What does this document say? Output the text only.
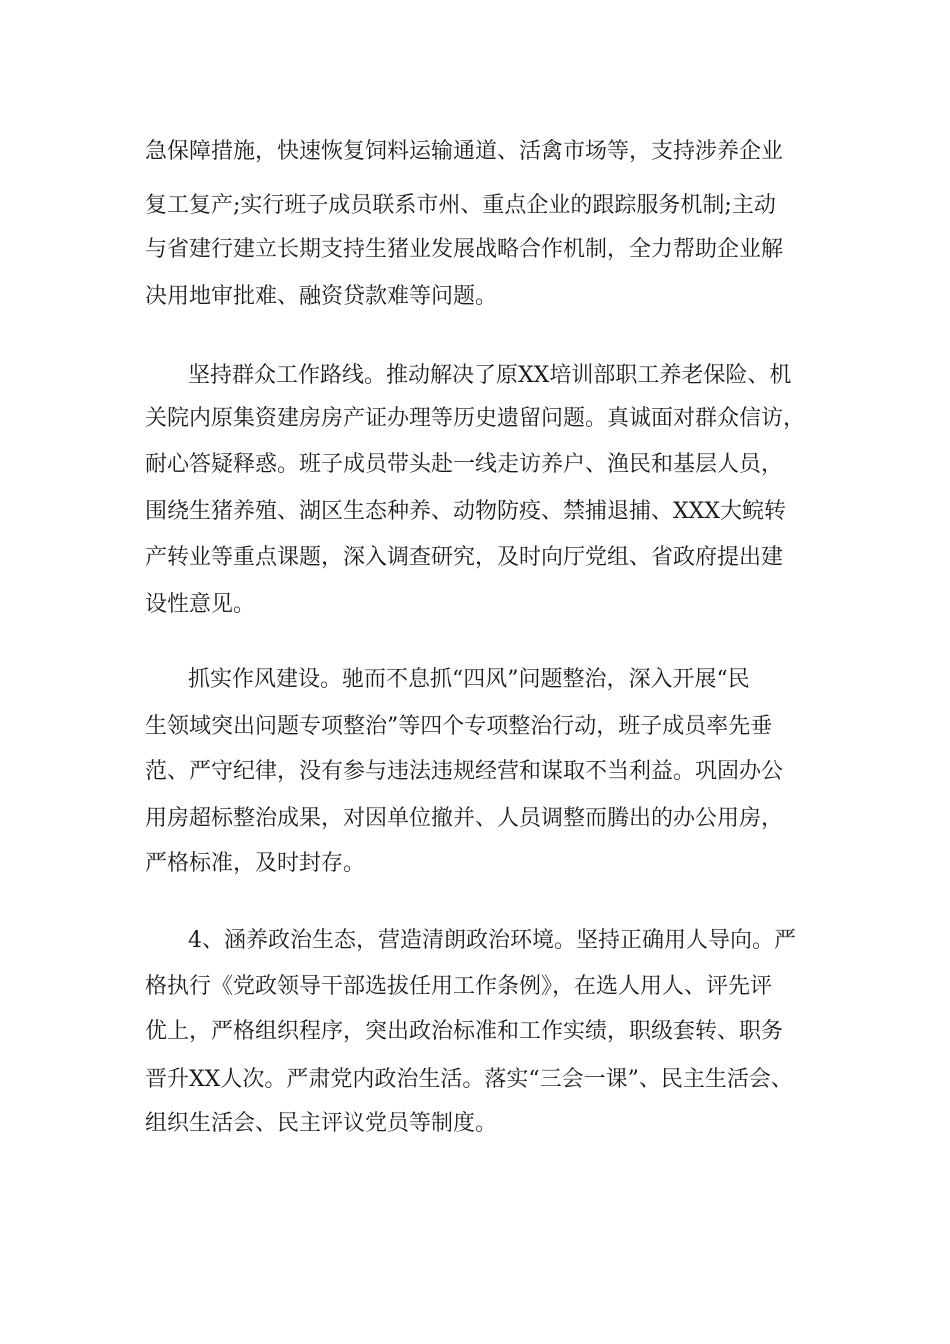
急保障措施，快速恢复饲料运输通道、活禽市场等，支持涉养企业

复工复产;实行班子成员联系市州、重点企业的跟踪服务机制;主动

与省建行建立长期支持生猪业发展战略合作机制，全力帮助企业解

决用地审批难、融资贷款难等问题。

坚持群众工作路线。推动解决了原XX培训部职工养老保险、机

关院内原集资建房房产证办理等历史遗留问题。真诚面对群众信访，

耐心答疑释惑。班子成员带头赴一线走访养户、渔民和基层人员，

围绕生猪养殖、湖区生态种养、动物防疫、禁捕退捕、XXX大鲩转

产转业等重点课题，深入调查研究，及时向厅党组、省政府提出建

设性意见。

抓实作风建设。驰而不息抓“四风”问题整治，深入开展“民

生领域突出问题专项整治”等四个专项整治行动，班子成员率先垂

范、严守纪律，没有参与违法违规经营和谋取不当利益。巩固办公

用房超标整治成果，对因单位撤并、人员调整而腾出的办公用房，

严格标准，及时封存。

4、涵养政治生态，营造清朗政治环境。坚持正确用人导向。严

格执行《党政领导干部选拔任用工作条例》，在选人用人、评先评

优上，严格组织程序，突出政治标准和工作实绩，职级套转、职务

晋升XX人次。严肃党内政治生活。落实“三会一课”、民主生活会、

组织生活会、民主评议党员等制度。
